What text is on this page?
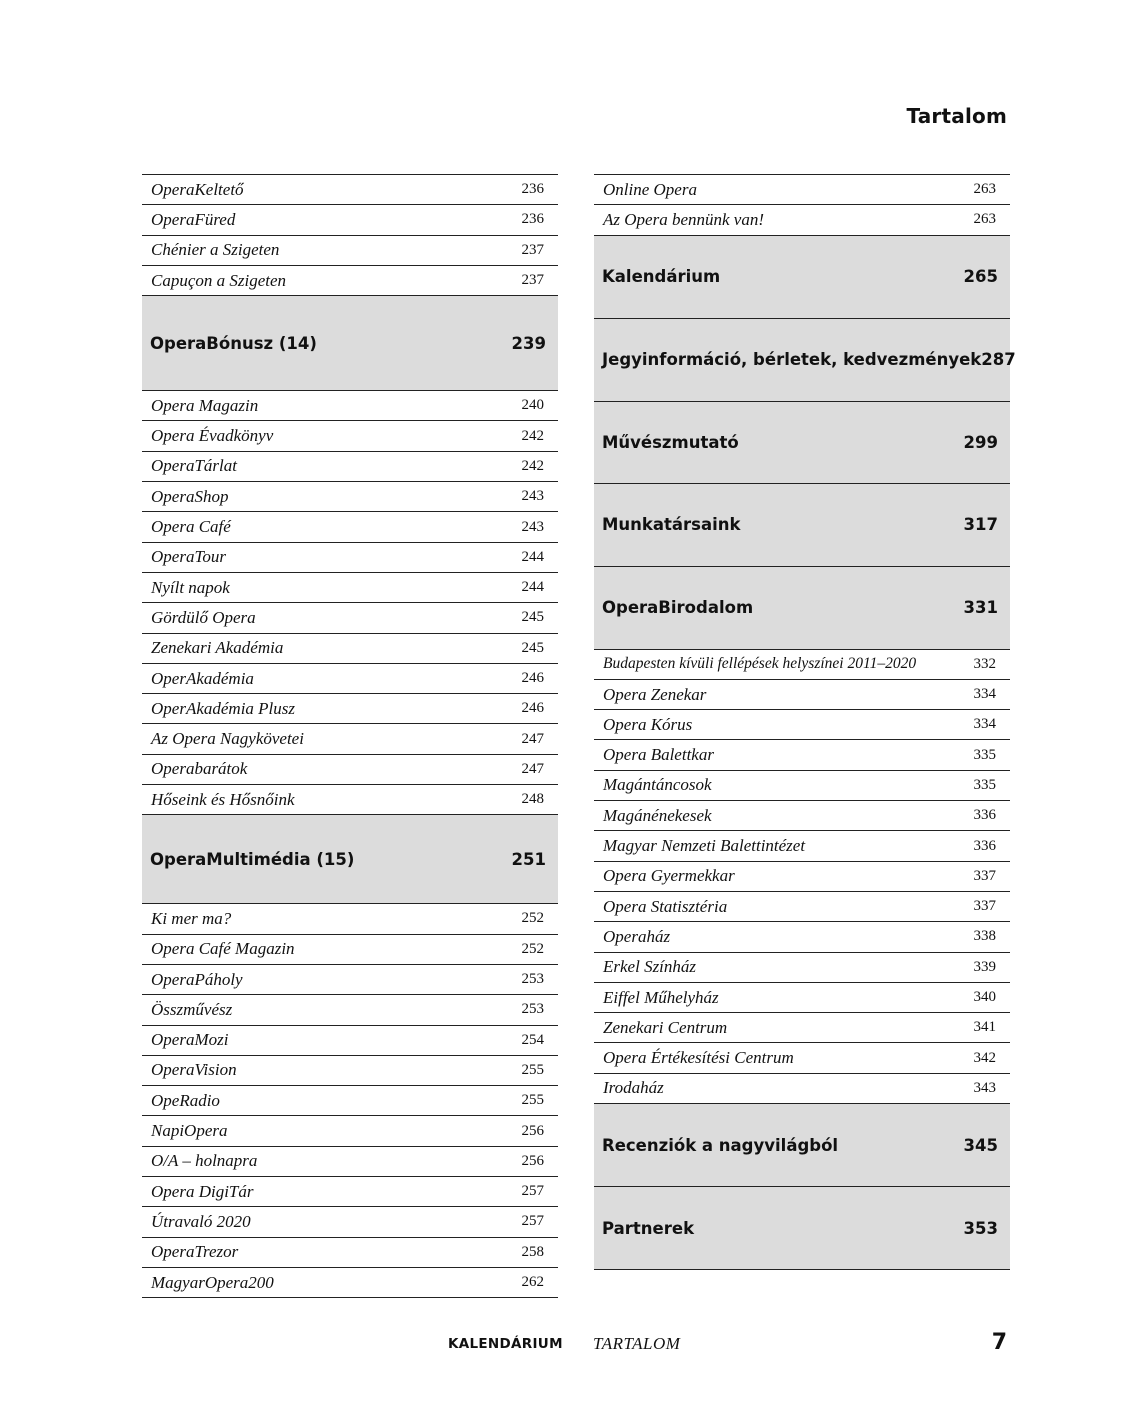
Tartalom
OperaKeltető	236
OperaFüred	236
Chénier a Szigeten	237
Capuçon a Szigeten	237
OperaBónusz (14)	239
Opera Magazin	240
Opera Évadkönyv	242
OperaTárlat	242
OperaShop	243
Opera Café	243
OperaTour	244
Nyílt napok	244
Gördülő Opera	245
Zenekari Akadémia	245
OperAkadémia	246
OperAkadémia Plusz	246
Az Opera Nagykövetei	247
Operabarátok	247
Hőseink és Hősnőink	248
OperaMultimédia (15)	251
Ki mer ma?	252
Opera Café Magazin	252
OperaPáholy	253
Összművész	253
OperaMozi	254
OperaVision	255
OpeRadio	255
NapiOpera	256
O/A – holnapra	256
Opera DigiTár	257
Útravaló 2020	257
OperaTrezor	258
MagyarOpera200	262
Online Opera	263
Az Opera bennünk van!	263
Kalendárium	265
Jegyinformáció, bérletek, kedvezmények 287
Művészmutató	299
Munkatársaink	317
OperaBirodalom	331
Budapesten kívüli fellépések helyszínei 2011–2020	332
Opera Zenekar	334
Opera Kórus	334
Opera Balettkar	335
Magántáncosok	335
Magánénekesek	336
Magyar Nemzeti Balettintézet	336
Opera Gyermekkar	337
Opera Statisztéria	337
Operaház	338
Erkel Színház	339
Eiffel Műhelyház	340
Zenekari Centrum	341
Opera Értékesítési Centrum	342
Irodaház	343
Recenziók a nagyvilágból	345
Partnerek	353
KALENDÁRIUM TARTALOM	7
